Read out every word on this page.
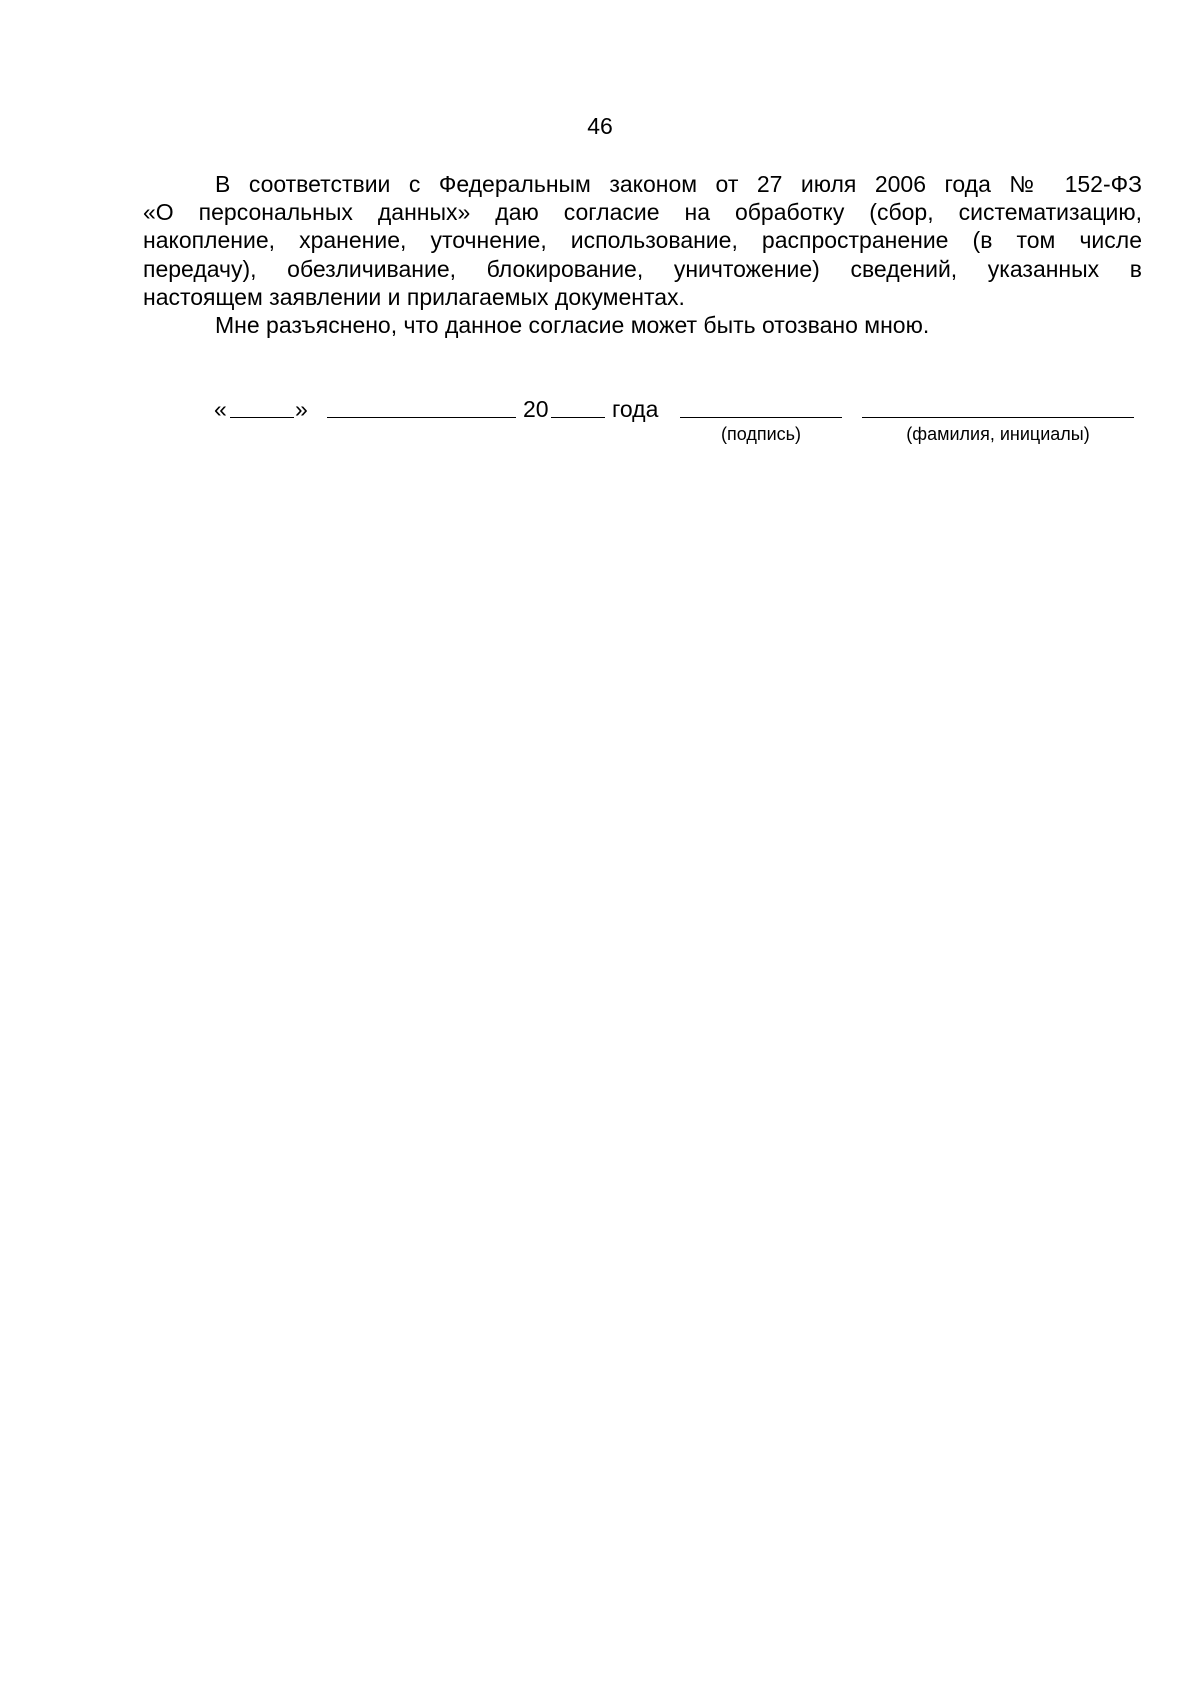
46

В соответствии с Федеральным законом от 27 июля 2006 года № 152-ФЗ
«О персональных данных» даю согласие на обработку (сбор, систематизацию,
накопление, хранение, уточнение, использование, распространение (в том числе
передачу), обезличивание, блокирование, уничтожение) сведений, указанных в
настоящем заявлении и прилагаемых документах.

Мне разъяснено, что данное согласие может быть отозвано мною.

«	»	20	года
(подпись)	(фамилия, инициалы)
